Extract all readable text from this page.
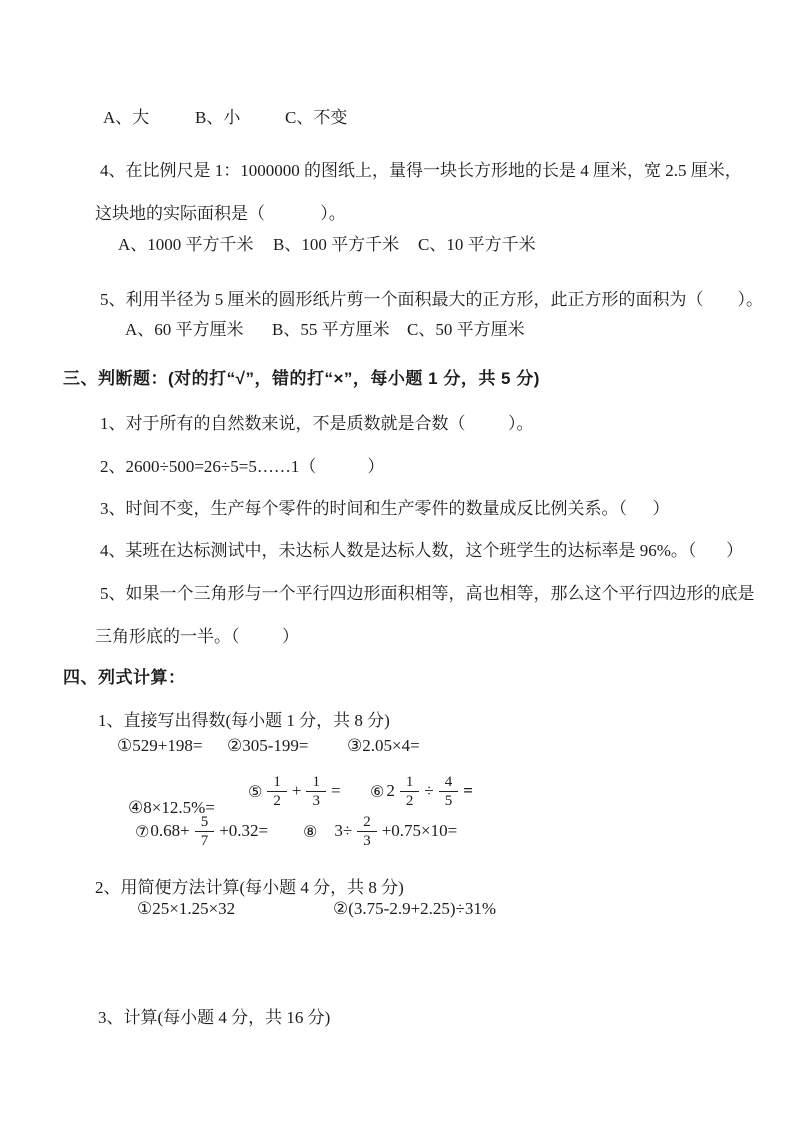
A、大	B、小	C、不变

4、在比例尺是 1：1000000 的图纸上，量得一块长方形地的长是 4 厘米，宽 2.5 厘米，

这块地的实际面积是（             ）。

A、1000 平方千米 B、100 平方千米 C、10 平方千米

5、利用半径为 5 厘米的圆形纸片剪一个面积最大的正方形，此正方形的面积为（        ）。

A、60 平方厘米 B、55 平方厘米 C、50 平方厘米

三、判断题：(对的打“√”，错的打“×”，每小题 1 分，共 5 分)

1、对于所有的自然数来说，不是质数就是合数（          ）。

2、2600÷500=26÷5=5……1（            ）

3、时间不变，生产每个零件的时间和生产零件的数量成反比例关系。（      ）

4、某班在达标测试中，未达标人数是达标人数，这个班学生的达标率是 96%。（       ）

5、如果一个三角形与一个平行四边形面积相等，高也相等，那么这个平行四边形的底是

三角形底的一半。（          ）

四、列式计算：

1、直接写出得数(每小题 1 分，共 8 分)

①529+198= ②305-199= ③2.05×4=

④8×12.5%=

⑤ $\frac{1}{2} + \frac{1}{3}$ = ⑥ $2 \frac{1}{2} \div \frac{4}{5}$ =
⑦ $0.68+ \frac{5}{7} +0.32=$ ⑧ $3\div \frac{2}{3} +0.75\times 10=$

2、用简便方法计算(每小题 4 分，共 8 分)

①25×1.25×32	②(3.75-2.9+2.25)÷31%

3、计算(每小题 4 分，共 16 分)
